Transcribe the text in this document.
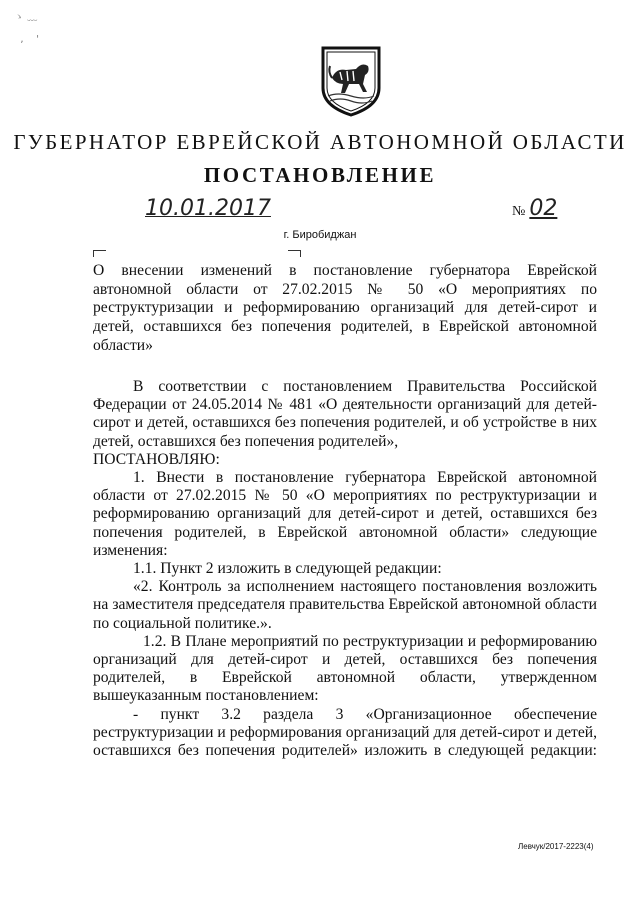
ゝ ﹏

,    '
ГУБЕРНАТОР ЕВРЕЙСКОЙ АВТОНОМНОЙ ОБЛАСТИ
ПОСТАНОВЛЕНИЕ
10.01.2017	№ 02
г. Биробиджан
О внесении изменений в постановление губернатора Еврейской автономной области от 27.02.2015 № 50 «О мероприятиях по реструктуризации и реформированию организаций для детей-сирот и детей, оставшихся без попечения родителей, в Еврейской автономной области»

В соответствии с постановлением Правительства Российской Федерации от 24.05.2014 № 481 «О деятельности организаций для детей-сирот и детей, оставшихся без попечения родителей, и об устройстве в них детей, оставшихся без попечения родителей»,

ПОСТАНОВЛЯЮ:

1. Внести в постановление губернатора Еврейской автономной области от 27.02.2015 № 50 «О мероприятиях по реструктуризации и реформированию организаций для детей-сирот и детей, оставшихся без попечения родителей, в Еврейской автономной области» следующие изменения:

1.1. Пункт 2 изложить в следующей редакции:

«2. Контроль за исполнением настоящего постановления возложить на заместителя председателя правительства Еврейской автономной области по социальной политике.».

1.2. В Плане мероприятий по реструктуризации и реформированию организаций для детей-сирот и детей, оставшихся без попечения родителей, в Еврейской автономной области, утвержденном вышеуказанным постановлением:

- пункт 3.2 раздела 3 «Организационное обеспечение реструктуризации и реформирования организаций для детей-сирот и детей, оставшихся без попечения родителей» изложить в следующей редакции:

Левчук/2017-2223(4)
